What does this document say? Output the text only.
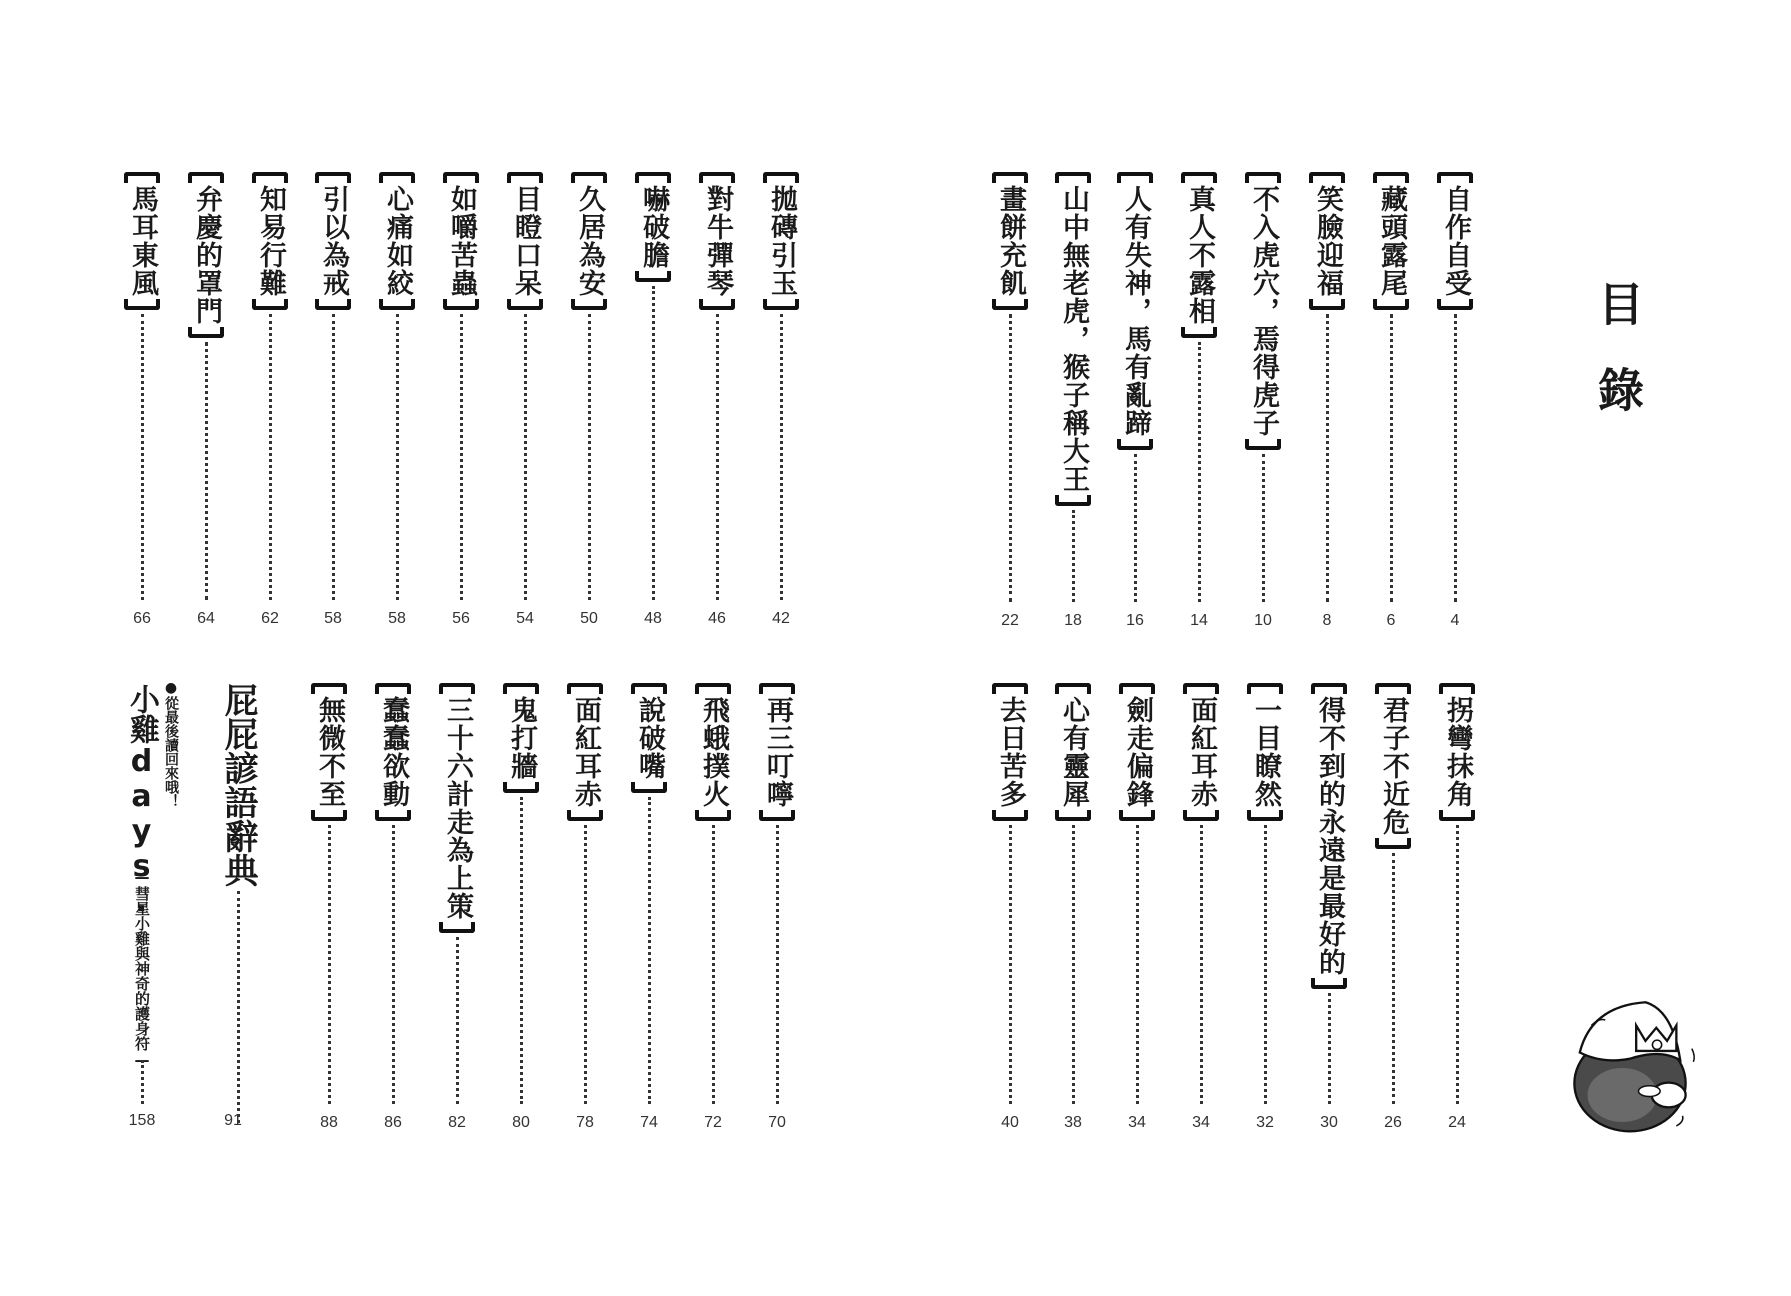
目錄
自作自受
4
藏頭露尾
6
笑臉迎福
8
不入虎穴，焉得虎子
10
真人不露相
14
人有失神，馬有亂蹄
16
山中無老虎，猴子稱大王
18
畫餅充飢
22
拐彎抹角
24
君子不近危
26
得不到的永遠是最好的
30
一目瞭然
32
面紅耳赤
34
劍走偏鋒
34
心有靈犀
38
去日苦多
40
拋磚引玉
42
對牛彈琴
46
嚇破膽
48
久居為安
50
目瞪口呆
54
如嚼苦蟲
56
心痛如絞
58
引以為戒
58
知易行難
62
弁慶的罩門
64
馬耳東風
66
再三叮嚀
70
飛蛾撲火
72
說破嘴
74
面紅耳赤
78
鬼打牆
80
三十六計走為上策
82
蠢蠢欲動
86
無微不至
88
屁屁諺語辭典
91
●從最後讀回來哦！
小雞days.
—彗星小雞與神奇的護身符—
158
